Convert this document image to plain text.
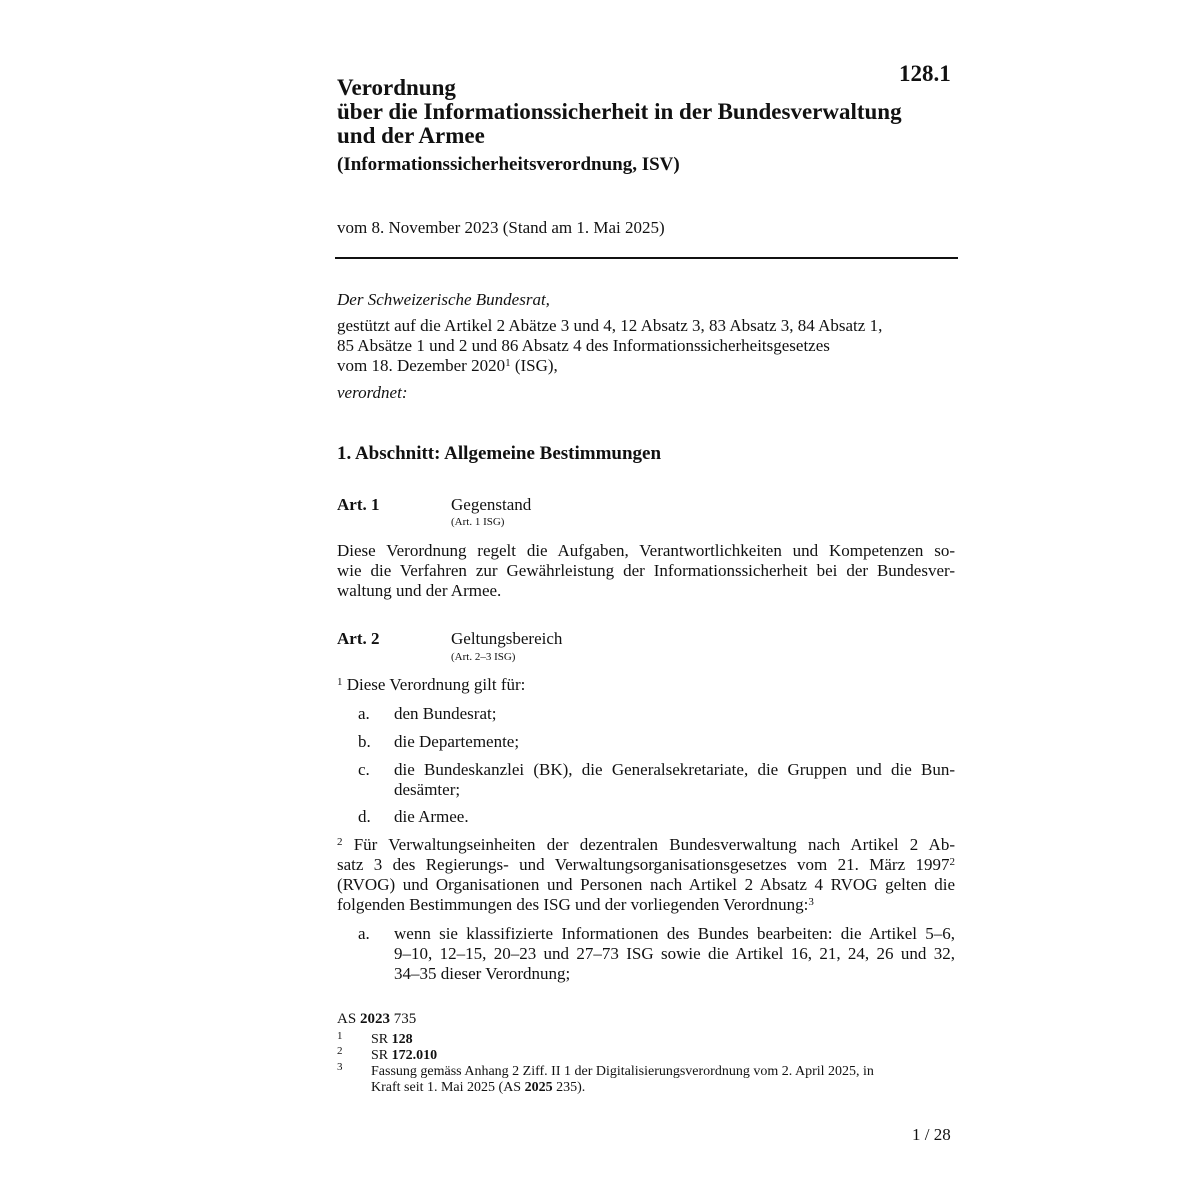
128.1
Verordnung
über die Informationssicherheit in der Bundesverwaltung
und der Armee
(Informationssicherheitsverordnung, ISV)
vom 8. November 2023 (Stand am 1. Mai 2025)
Der Schweizerische Bundesrat,
gestützt auf die Artikel 2 Abätze 3 und 4, 12 Absatz 3, 83 Absatz 3, 84 Absatz 1,
85 Absätze 1 und 2 und 86 Absatz 4 des Informationssicherheitsgesetzes
vom 18. Dezember 2020$^1$ (ISG),
verordnet:
1. Abschnitt: Allgemeine Bestimmungen
Art. 1	Gegenstand
(Art. 1 ISG)
Diese Verordnung regelt die Aufgaben, Verantwortlichkeiten und Kompetenzen so-
wie die Verfahren zur Gewährleistung der Informationssicherheit bei der Bundesver-
waltung und der Armee.
Art. 2	Geltungsbereich
(Art. 2–3 ISG)
$^1$ Diese Verordnung gilt für:
a. den Bundesrat;
b. die Departemente;
c. die Bundeskanzlei (BK), die Generalsekretariate, die Gruppen und die Bun-
desämter;
d. die Armee.
$^2$ Für Verwaltungseinheiten der dezentralen Bundesverwaltung nach Artikel 2 Ab-
satz 3 des Regierungs- und Verwaltungsorganisationsgesetzes vom 21. März 1997$^2$
(RVOG) und Organisationen und Personen nach Artikel 2 Absatz 4 RVOG gelten die
folgenden Bestimmungen des ISG und der vorliegenden Verordnung:$^3$
a. wenn sie klassifizierte Informationen des Bundes bearbeiten: die Artikel 5–6,
9–10, 12–15, 20–23 und 27–73 ISG sowie die Artikel 16, 21, 24, 26 und 32,
34–35 dieser Verordnung;
AS 2023 735
$^1$ SR 128
$^2$ SR 172.010
$^3$ Fassung gemäss Anhang 2 Ziff. II 1 der Digitalisierungsverordnung vom 2. April 2025, in
Kraft seit 1. Mai 2025 (AS 2025 235).
1 / 28
